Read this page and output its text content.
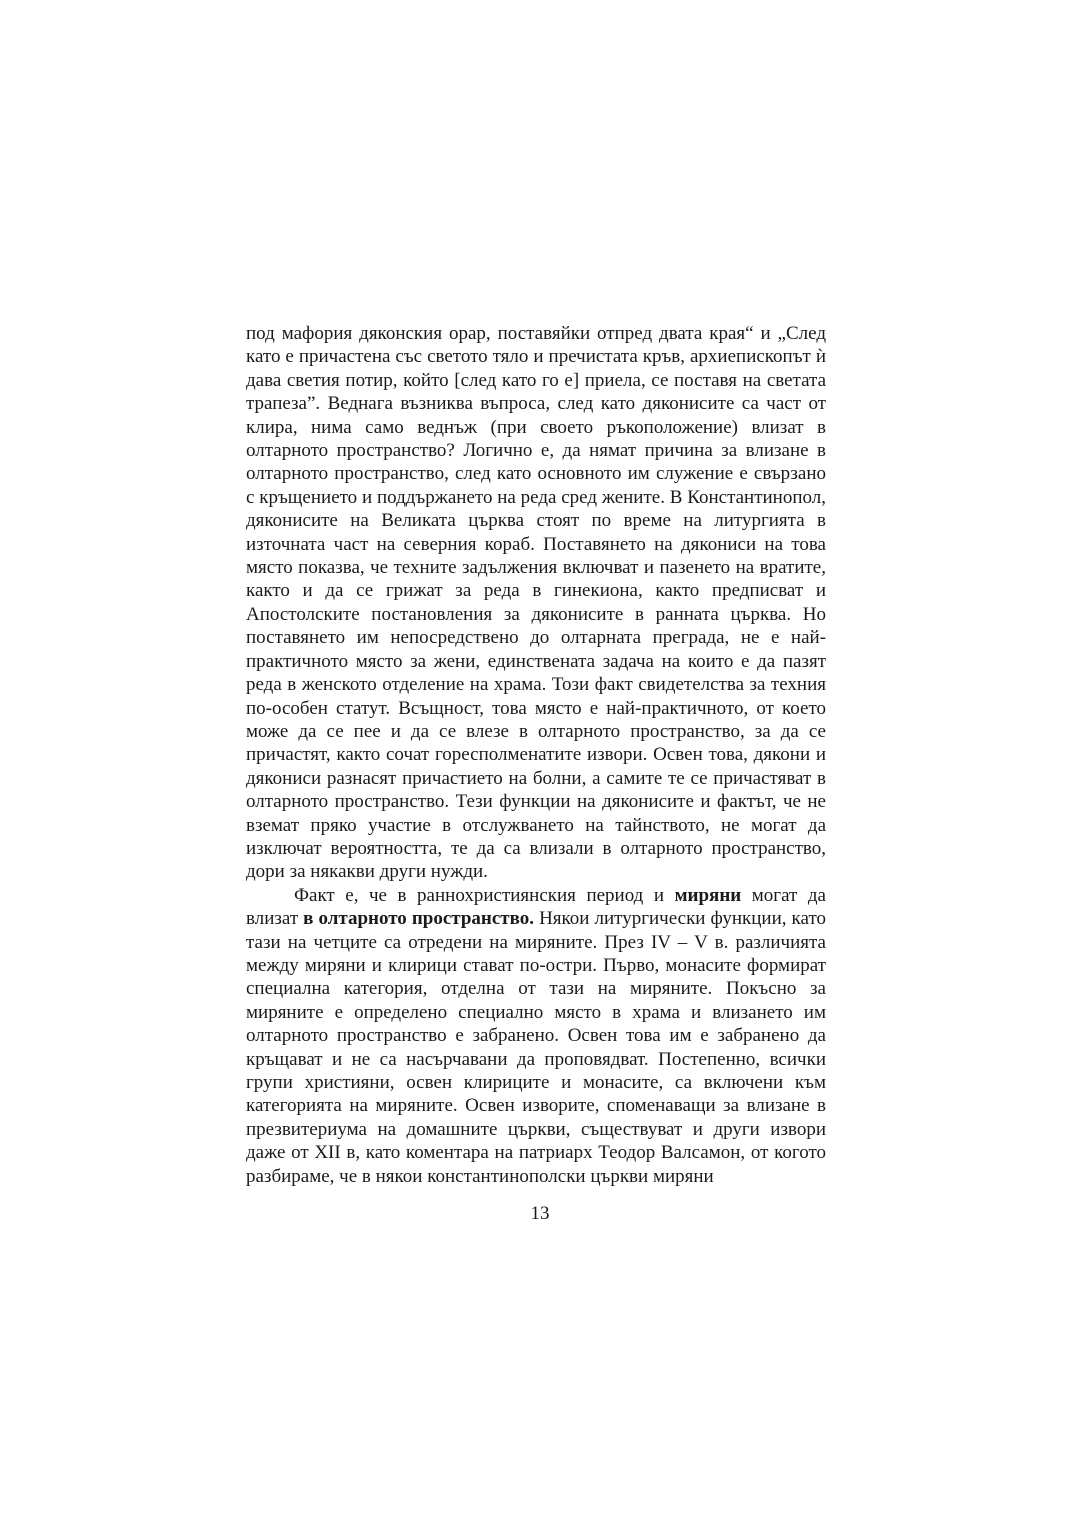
под мафория дяконския орар, поставяйки отпред двата края“ и „След като е причастена със светото тяло и пречистата кръв, архиепископът ѝ дава светия потир, който [след като го е] приела, се поставя на светата трапеза”. Веднага възниква въпроса, след като дяконисите са част от клира, нима само веднъж (при своето ръкоположение) влизат в олтарното пространство? Логично е, да нямат причина за влизане в олтарното пространство, след като основното им служение е свързано с кръщението и поддържането на реда сред жените. В Константинопол, дяконисите на Великата църква стоят по време на литургията в източната част на северния кораб. Поставянето на дякониси на това място показва, че техните задължения включват и пазенето на вратите, както и да се грижат за реда в гинекиона, както предписват и Апостолските постановления за дяконисите в ранната църква. Но поставянето им непосредствено до олтарната преграда, не е най-практичното място за жени, единствената задача на които е да пазят реда в женското отделение на храма. Този факт свидетелства за техния по-особен статут. Всъщност, това място е най-практичното, от което може да се пее и да се влезе в олтарното пространство, за да се причастят, както сочат горесполменатите извори. Освен това, дякони и дякониси разнасят причастието на болни, а самите те се причастяват в олтарното пространство. Тези функции на дяконисите и фактът, че не вземат пряко участие в отслужването на тайнството, не могат да изключат вероятността, те да са влизали в олтарното пространство, дори за някакви други нужди.

Факт е, че в раннохристиянския период и миряни могат да влизат в олтарното пространство. Някои литургически функции, като тази на четците са отредени на миряните. През IV – V в. различията между миряни и клирици стават по-остри. Първо, монасите формират специална категория, отделна от тази на миряните. Покъсно за миряните е определено специално място в храма и влизането им олтарното пространство е забранено. Освен това им е забранено да кръщават и не са насърчавани да проповядват. Постепенно, всички групи християни, освен клириците и монасите, са включени към категорията на миряните. Освен изворите, споменаващи за влизане в презвитериума на домашните църкви, съществуват и други извори даже от XII в, като коментара на патриарх Теодор Валсамон, от когото разбираме, че в някои константинополски църкви миряни

13
